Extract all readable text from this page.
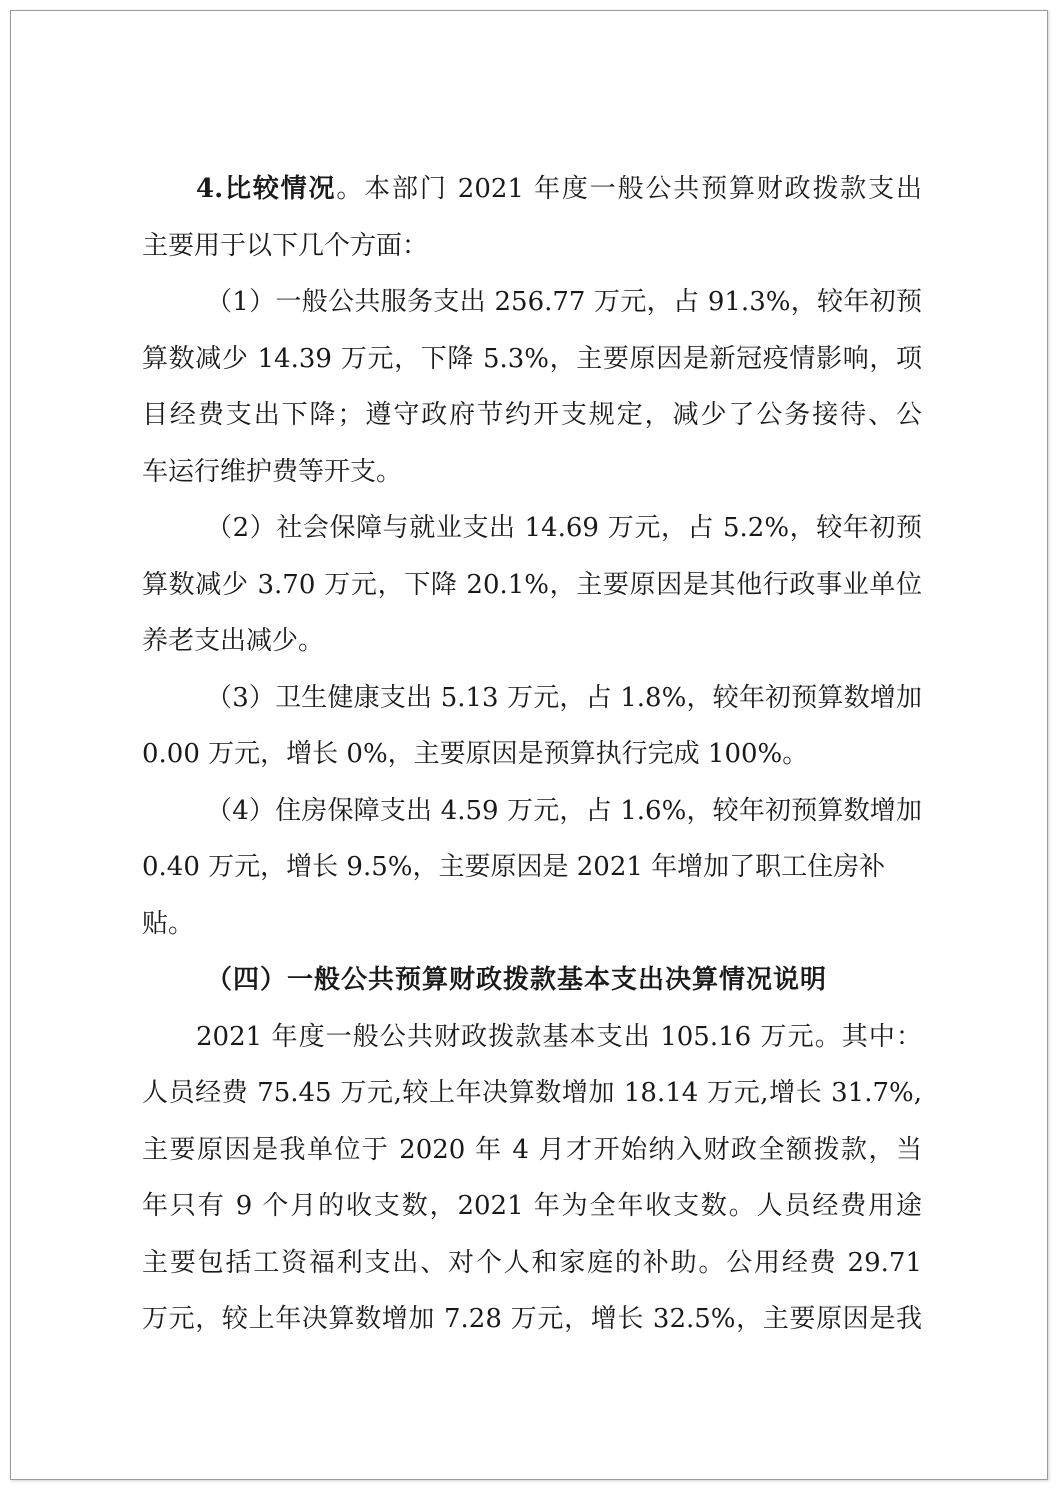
4.比较情况。本部门 2021 年度一般公共预算财政拨款支出
主要用于以下几个方面：
（1）一般公共服务支出 256.77 万元，占 91.3%，较年初预
算数减少 14.39 万元，下降 5.3%，主要原因是新冠疫情影响，项
目经费支出下降；遵守政府节约开支规定，减少了公务接待、公
车运行维护费等开支。
（2）社会保障与就业支出 14.69 万元，占 5.2%，较年初预
算数减少 3.70 万元，下降 20.1%，主要原因是其他行政事业单位
养老支出减少。
（3）卫生健康支出 5.13 万元，占 1.8%，较年初预算数增加
0.00 万元，增长 0%，主要原因是预算执行完成 100%。
（4）住房保障支出 4.59 万元，占 1.6%，较年初预算数增加
0.40 万元，增长 9.5%，主要原因是 2021 年增加了职工住房补
贴。
（四）一般公共预算财政拨款基本支出决算情况说明
2021 年度一般公共财政拨款基本支出 105.16 万元。其中：
人员经费 75.45 万元,较上年决算数增加 18.14 万元,增长 31.7%,
主要原因是我单位于 2020 年 4 月才开始纳入财政全额拨款，当
年只有 9 个月的收支数，2021 年为全年收支数。人员经费用途
主要包括工资福利支出、对个人和家庭的补助。公用经费 29.71
万元，较上年决算数增加 7.28 万元，增长 32.5%，主要原因是我
